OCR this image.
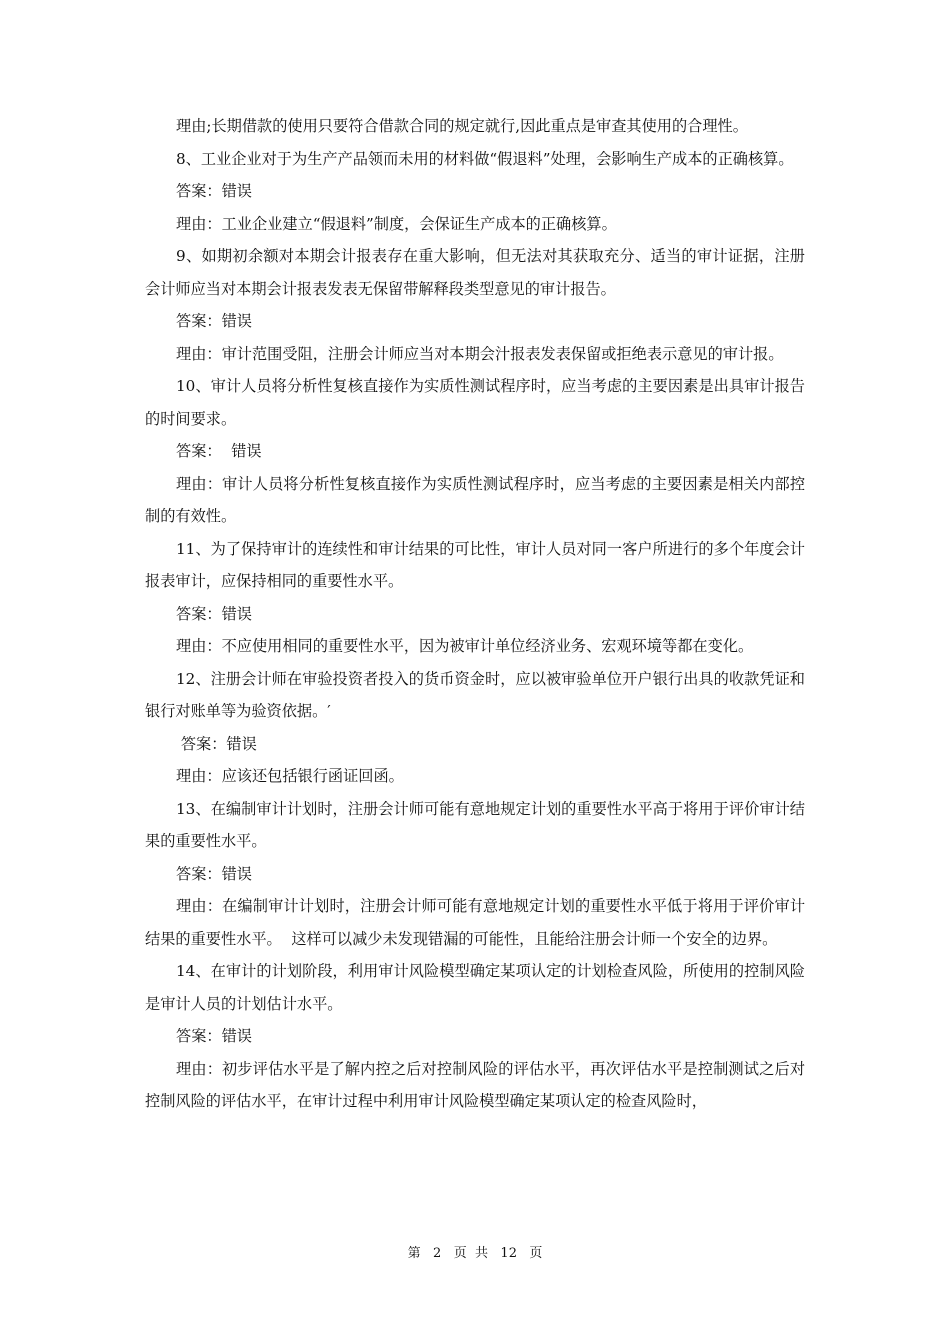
理由;长期借款的使用只要符合借款合同的规定就行,因此重点是审查其使用的合理性。

8、工业企业对于为生产产品领而未用的材料做“假退料”处理，会影响生产成本的正确核算。

答案：错误

理由：工业企业建立“假退料”制度，会保证生产成本的正确核算。

9、如期初余额对本期会计报表存在重大影响，但无法对其获取充分、适当的审计证据，注册会计师应当对本期会计报表发表无保留带解释段类型意见的审计报告。

答案：错误

理由：审计范围受阻，注册会计师应当对本期会汁报表发表保留或拒绝表示意见的审计报。

10、审计人员将分析性复核直接作为实质性测试程序时，应当考虑的主要因素是出具审计报告的时间要求。

答案：  错误

理由：审计人员将分析性复核直接作为实质性测试程序时，应当考虑的主要因素是相关内部控制的有效性。

11、为了保持审计的连续性和审计结果的可比性，审计人员对同一客户所进行的多个年度会计报表审计，应保持相同的重要性水平。

答案：错误

理由：不应使用相同的重要性水平，因为被审计单位经济业务、宏观环境等都在变化。

12、注册会计师在审验投资者投入的货币资金时，应以被审验单位开户银行出具的收款凭证和银行对账单等为验资依据。′

答案：错误

理由：应该还包括银行函证回函。

13、在编制审计计划时，注册会计师可能有意地规定计划的重要性水平高于将用于评价审计结果的重要性水平。

答案：错误

理由：在编制审计计划时，注册会计师可能有意地规定计划的重要性水平低于将用于评价审计结果的重要性水平。  这样可以减少未发现错漏的可能性，且能给注册会计师一个安全的边界。

14、在审计的计划阶段，利用审计风险模型确定某项认定的计划检查风险，所使用的控制风险是审计人员的计划估计水平。

答案：错误

理由：初步评估水平是了解内控之后对控制风险的评估水平，再次评估水平是控制测试之后对控制风险的评估水平，在审计过程中利用审计风险模型确定某项认定的检查风险时，

第 2 页  共 12 页
